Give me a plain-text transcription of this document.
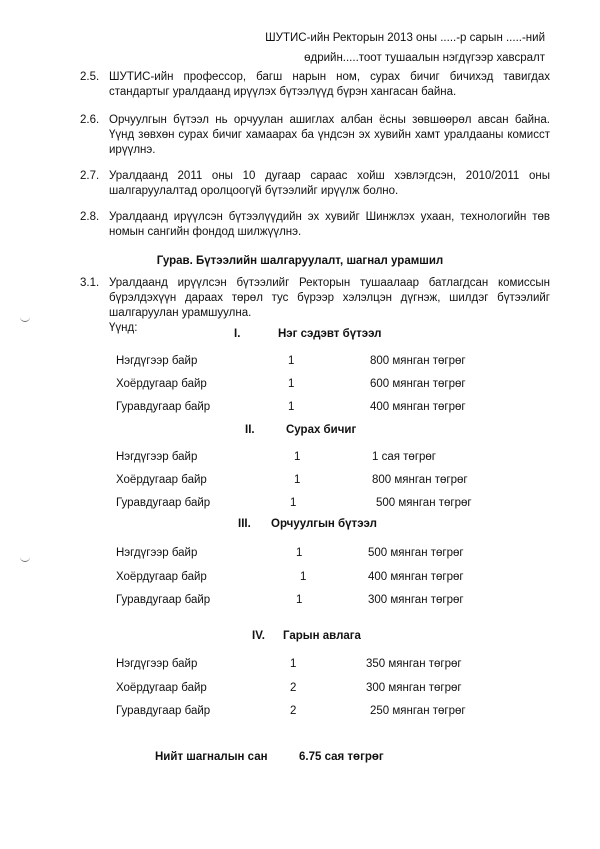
ШУТИС-ийн Ректорын 2013 оны .....-р сарын .....-ний
өдрийн.....тоот тушаалын нэгдүгээр хавсралт
2.5. ШУТИС-ийн профессор, багш нарын ном, сурах бичиг бичихэд тавигдах стандартыг уралдаанд ирүүлэх бүтээлүүд бүрэн хангасан байна.
2.6. Орчуулгын бүтээл нь орчуулан ашиглах албан ёсны зөвшөөрөл авсан байна. Үүнд зөвхөн сурах бичиг хамаарах ба үндсэн эх хувийн хамт уралдааны комисст ирүүлнэ.
2.7. Уралдаанд 2011 оны 10 дугаар сараас хойш хэвлэгдсэн, 2010/2011 оны шалгаруулалтад оролцоогүй бүтээлийг ирүүлж болно.
2.8. Уралдаанд ирүүлсэн бүтээлүүдийн эх хувийг Шинжлэх ухаан, технологийн төв номын сангийн фондод шилжүүлнэ.
Гурав. Бүтээлийн шалгаруулалт, шагнал урамшил
3.1. Уралдаанд ирүүлсэн бүтээлийг Ректорын тушаалаар батлагдсан комиссын бүрэлдэхүүн дараах төрөл тус бүрээр хэлэлцэн дүгнэж, шилдэг бүтээлийг шалгаруулан урамшуулна.
Үүнд:	I.	Нэг сэдэвт бүтээл
Нэгдүгээр байр	1	800 мянган төгрөг
Хоёрдугаар байр	1	600 мянган төгрөг
Гуравдугаар байр	1	400 мянган төгрөг
II.	Сурах бичиг
Нэгдүгээр байр	1	1 сая төгрөг
Хоёрдугаар байр	1	800 мянган төгрөг
Гуравдугаар байр	1	500 мянган төгрөг
III. Орчуулгын бүтээл
Нэгдүгээр байр	1	500 мянган төгрөг
Хоёрдугаар байр	1	400 мянган төгрөг
Гуравдугаар байр	1	300 мянган төгрөг
IV. Гарын авлага
Нэгдүгээр байр	1	350 мянган төгрөг
Хоёрдугаар байр	2	300 мянган төгрөг
Гуравдугаар байр	2	250 мянган төгрөг
Нийт шагналын сан	6.75 сая төгрөг
